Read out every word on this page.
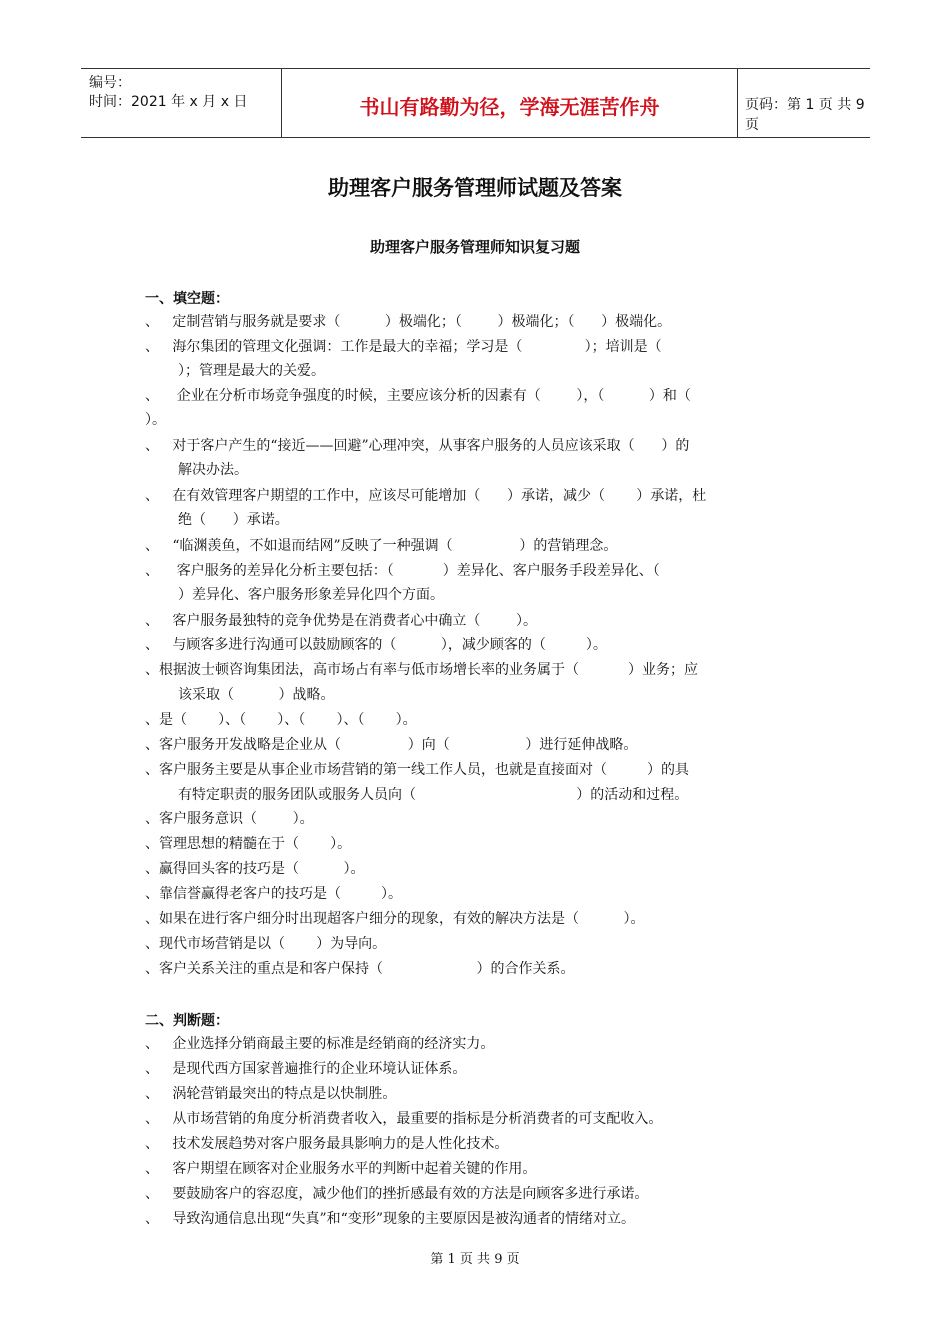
编号：
时间：2021 年 x 月 x 日	书山有路勤为径，学海无涯苦作舟	页码：第 1 页 共 9 页
助理客户服务管理师试题及答案
助理客户服务管理师知识复习题
一、填空题：
、   定制营销与服务就是要求（          ）极端化；（        ）极端化；（      ）极端化。
、   海尔集团的管理文化强调：工作是最大的幸福；学习是（              ）；培训是（
）；管理是最大的关爱。
、    企业在分析市场竞争强度的时候，主要应该分析的因素有（        ），（          ）和（
）。
、   对于客户产生的“接近——回避”心理冲突，从事客户服务的人员应该采取（      ）的
解决办法。
、   在有效管理客户期望的工作中，应该尽可能增加（      ）承诺，减少（       ）承诺，杜
绝（      ）承诺。
、   “临渊羡鱼，不如退而结网”反映了一种强调（               ）的营销理念。
、    客户服务的差异化分析主要包括：（           ）差异化、客户服务手段差异化、（
）差异化、客户服务形象差异化四个方面。
、   客户服务最独特的竞争优势是在消费者心中确立（        ）。
、   与顾客多进行沟通可以鼓励顾客的（          ），减少顾客的（         ）。
、根据波士顿咨询集团法，高市场占有率与低市场增长率的业务属于（           ）业务；应
该采取（          ）战略。
、是（       ）、（       ）、（       ）、（       ）。
、客户服务开发战略是企业从（               ）向（                 ）进行延伸战略。
、客户服务主要是从事企业市场营销的第一线工作人员，也就是直接面对（         ）的具
有特定职责的服务团队或服务人员向（                                    ）的活动和过程。
、客户服务意识（        ）。
、管理思想的精髓在于（       ）。
、赢得回头客的技巧是（          ）。
、靠信誉赢得老客户的技巧是（         ）。
、如果在进行客户细分时出现超客户细分的现象，有效的解决方法是（          ）。
、现代市场营销是以（       ）为导向。
、客户关系关注的重点是和客户保持（                     ）的合作关系。
二、判断题：
、   企业选择分销商最主要的标准是经销商的经济实力。
、   是现代西方国家普遍推行的企业环境认证体系。
、   涡轮营销最突出的特点是以快制胜。
、   从市场营销的角度分析消费者收入，最重要的指标是分析消费者的可支配收入。
、   技术发展趋势对客户服务最具影响力的是人性化技术。
、   客户期望在顾客对企业服务水平的判断中起着关键的作用。
、   要鼓励客户的容忍度，减少他们的挫折感最有效的方法是向顾客多进行承诺。
、   导致沟通信息出现“失真”和“变形”现象的主要原因是被沟通者的情绪对立。
第 1 页 共 9 页
